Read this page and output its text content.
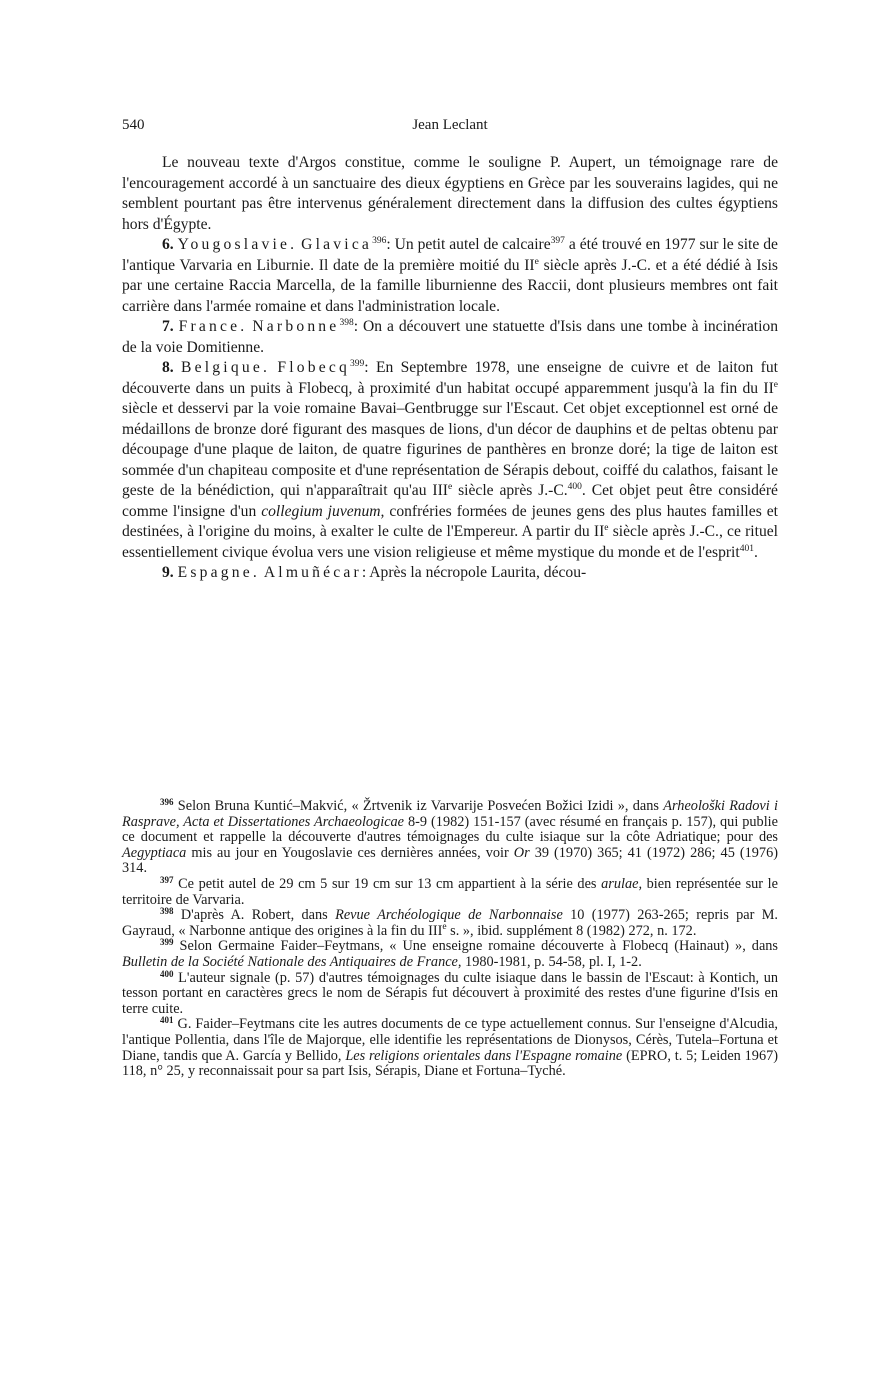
540	Jean Leclant

Le nouveau texte d'Argos constitue, comme le souligne P. Aupert, un témoignage rare de l'encouragement accordé à un sanctuaire des dieux égyptiens en Grèce par les souverains lagides, qui ne semblent pourtant pas être intervenus généralement directement dans la diffusion des cultes égyptiens hors d'Égypte.

6. Yougoslavie. Glavica$^{396}$: Un petit autel de calcaire$^{397}$ a été trouvé en 1977 sur le site de l'antique Varvaria en Liburnie. Il date de la première moitié du IIe siècle après J.-C. et a été dédié à Isis par une certaine Raccia Marcella, de la famille liburnienne des Raccii, dont plusieurs membres ont fait carrière dans l'armée romaine et dans l'administration locale.

7. France. Narbonne$^{398}$: On a découvert une statuette d'Isis dans une tombe à incinération de la voie Domitienne.

8. Belgique. Flobecq$^{399}$: En Septembre 1978, une enseigne de cuivre et de laiton fut découverte dans un puits à Flobecq, à proximité d'un habitat occupé apparemment jusqu'à la fin du IIe siècle et desservi par la voie romaine Bavai–Gentbrugge sur l'Escaut. Cet objet exceptionnel est orné de médaillons de bronze doré figurant des masques de lions, d'un décor de dauphins et de peltas obtenu par découpage d'une plaque de laiton, de quatre figurines de panthères en bronze doré; la tige de laiton est sommée d'un chapiteau composite et d'une représentation de Sérapis debout, coiffé du calathos, faisant le geste de la bénédiction, qui n'apparaîtrait qu'au IIIe siècle après J.-C.$^{400}$. Cet objet peut être considéré comme l'insigne d'un collegium juvenum, confréries formées de jeunes gens des plus hautes familles et destinées, à l'origine du moins, à exalter le culte de l'Empereur. A partir du IIe siècle après J.-C., ce rituel essentiellement civique évolua vers une vision religieuse et même mystique du monde et de l'esprit$^{401}$.

9. Espagne. Almuñécar: Après la nécropole Laurita, décou-

$^{396}$ Selon Bruna Kuntić–Makvić, « Žrtvenik iz Varvarije Posvećen Božici Izidi », dans Arheološki Radovi i Rasprave, Acta et Dissertationes Archaeologicae 8-9 (1982) 151-157 (avec résumé en français p. 157), qui publie ce document et rappelle la découverte d'autres témoignages du culte isiaque sur la côte Adriatique; pour des Aegyptiaca mis au jour en Yougoslavie ces dernières années, voir Or 39 (1970) 365; 41 (1972) 286; 45 (1976) 314.

$^{397}$ Ce petit autel de 29 cm 5 sur 19 cm sur 13 cm appartient à la série des arulae, bien représentée sur le territoire de Varvaria.

$^{398}$ D'après A. Robert, dans Revue Archéologique de Narbonnaise 10 (1977) 263-265; repris par M. Gayraud, « Narbonne antique des origines à la fin du IIIe s. », ibid. supplément 8 (1982) 272, n. 172.

$^{399}$ Selon Germaine Faider–Feytmans, « Une enseigne romaine découverte à Flobecq (Hainaut) », dans Bulletin de la Société Nationale des Antiquaires de France, 1980-1981, p. 54-58, pl. I, 1-2.

$^{400}$ L'auteur signale (p. 57) d'autres témoignages du culte isiaque dans le bassin de l'Escaut: à Kontich, un tesson portant en caractères grecs le nom de Sérapis fut découvert à proximité des restes d'une figurine d'Isis en terre cuite.

$^{401}$ G. Faider–Feytmans cite les autres documents de ce type actuellement connus. Sur l'enseigne d'Alcudia, l'antique Pollentia, dans l'île de Majorque, elle identifie les représentations de Dionysos, Cérès, Tutela–Fortuna et Diane, tandis que A. García y Bellido, Les religions orientales dans l'Espagne romaine (EPRO, t. 5; Leiden 1967) 118, n° 25, y reconnaissait pour sa part Isis, Sérapis, Diane et Fortuna–Tyché.
